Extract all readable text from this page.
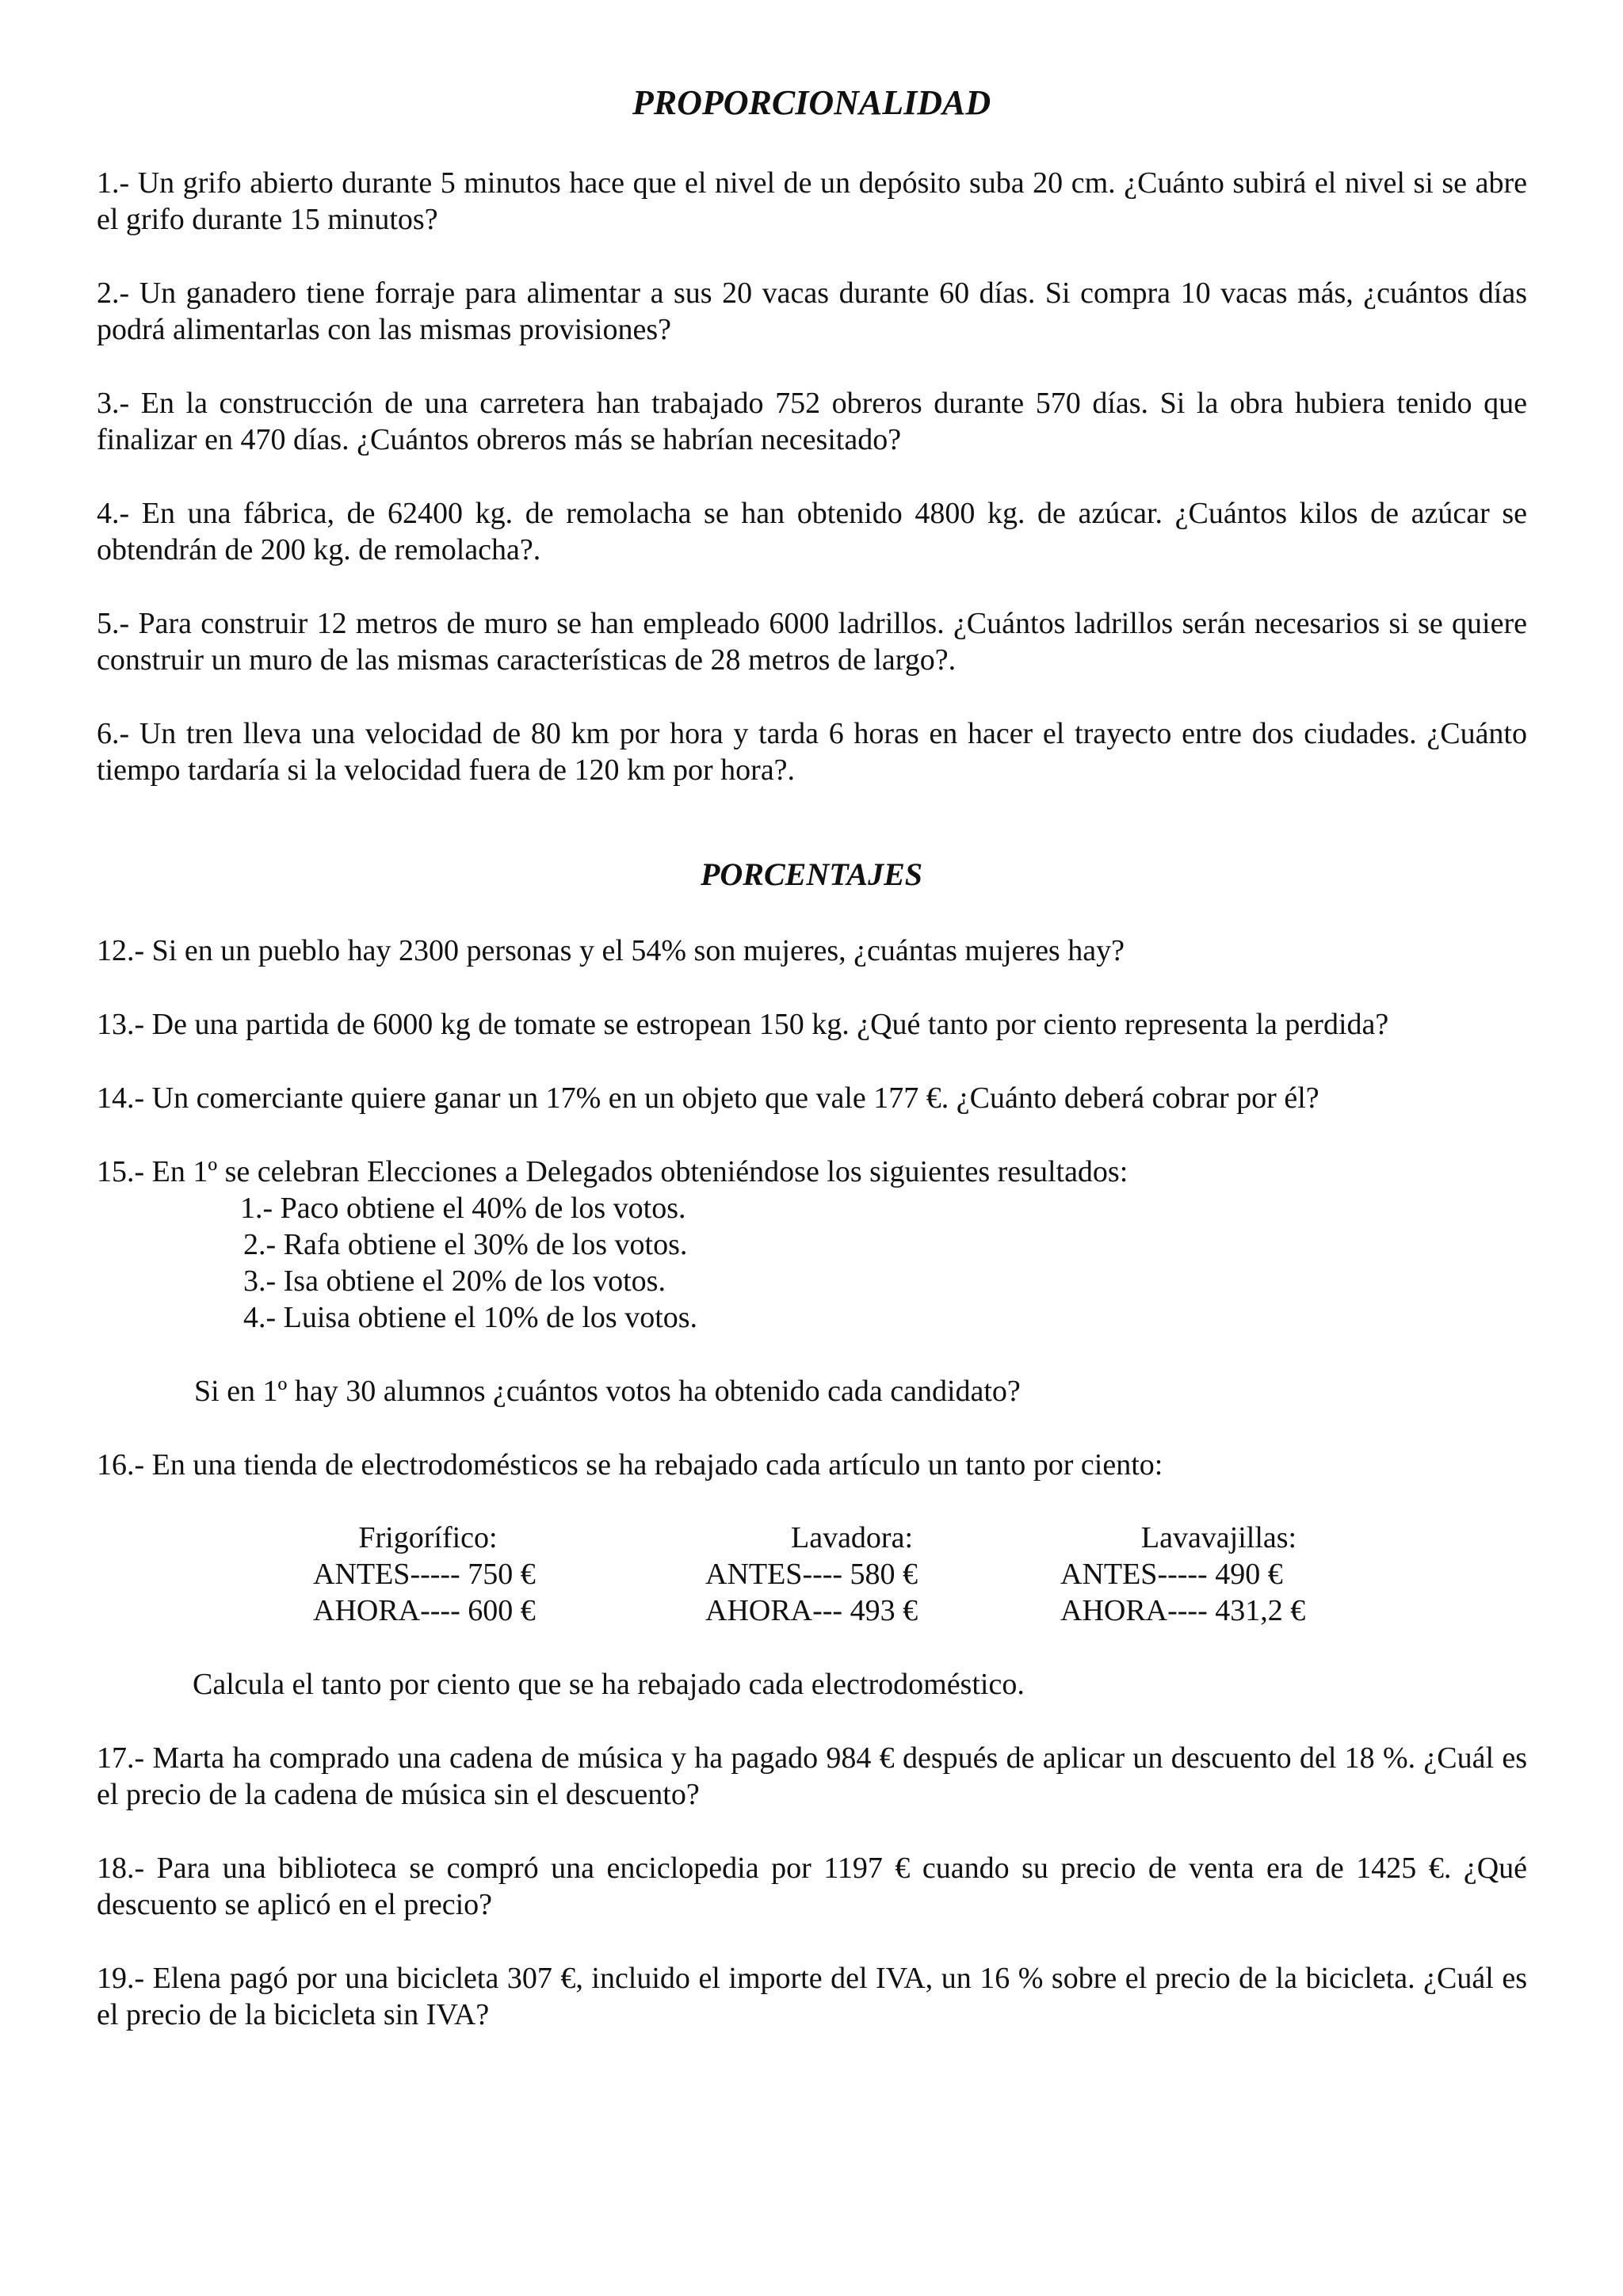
PROPORCIONALIDAD

1.- Un grifo abierto durante 5 minutos hace que el nivel de un depósito suba 20 cm. ¿Cuánto subirá el nivel si se abre el grifo durante 15 minutos?

2.- Un ganadero tiene forraje para alimentar a sus 20 vacas durante 60 días. Si compra 10 vacas más, ¿cuántos días podrá alimentarlas con las mismas provisiones?

3.- En la construcción de una carretera han trabajado 752 obreros durante 570 días. Si la obra hubiera tenido que finalizar en 470 días. ¿Cuántos obreros más se habrían necesitado?

4.- En una fábrica, de 62400 kg. de remolacha se han obtenido 4800 kg. de azúcar. ¿Cuántos kilos de azúcar se obtendrán de 200 kg. de remolacha?.

5.- Para construir 12 metros de muro se han empleado 6000 ladrillos. ¿Cuántos ladrillos serán necesarios si se quiere construir un muro de las mismas características de 28 metros de largo?.

6.- Un tren lleva una velocidad de 80 km por hora y tarda 6 horas en hacer el trayecto entre dos ciudades. ¿Cuánto tiempo tardaría si la velocidad fuera de 120 km por hora?.

PORCENTAJES

12.- Si en un pueblo hay 2300 personas y el 54% son mujeres, ¿cuántas mujeres hay?

13.- De una partida de 6000 kg de tomate se estropean 150 kg. ¿Qué tanto por ciento representa la perdida?

14.- Un comerciante quiere ganar un 17% en un objeto que vale 177 €. ¿Cuánto deberá cobrar por él?

15.- En 1º se celebran Elecciones a Delegados obteniéndose los siguientes resultados:

1.- Paco obtiene el 40% de los votos.
2.- Rafa obtiene el 30% de los votos.
3.- Isa obtiene el 20% de los votos.
4.- Luisa obtiene el 10% de los votos.
Si en 1º hay 30 alumnos ¿cuántos votos ha obtenido cada candidato?

16.- En una tienda de electrodomésticos se ha rebajado cada artículo un tanto por ciento:

Frigorífico:
ANTES----- 750 €
AHORA---- 600 €
Lavadora:
ANTES---- 580 €
AHORA--- 493 €
Lavavajillas:
ANTES----- 490 €
AHORA---- 431,2 €
Calcula el tanto por ciento que se ha rebajado cada electrodoméstico.

17.- Marta ha comprado una cadena de música y ha pagado 984 € después de aplicar un descuento del 18 %. ¿Cuál es el precio de la cadena de música sin el descuento?

18.- Para una biblioteca se compró una enciclopedia por 1197 € cuando su precio de venta era de 1425 €. ¿Qué descuento se aplicó en el precio?

19.- Elena pagó por una bicicleta 307 €, incluido el importe del IVA, un 16 % sobre el precio de la bicicleta. ¿Cuál es el precio de la bicicleta sin IVA?
